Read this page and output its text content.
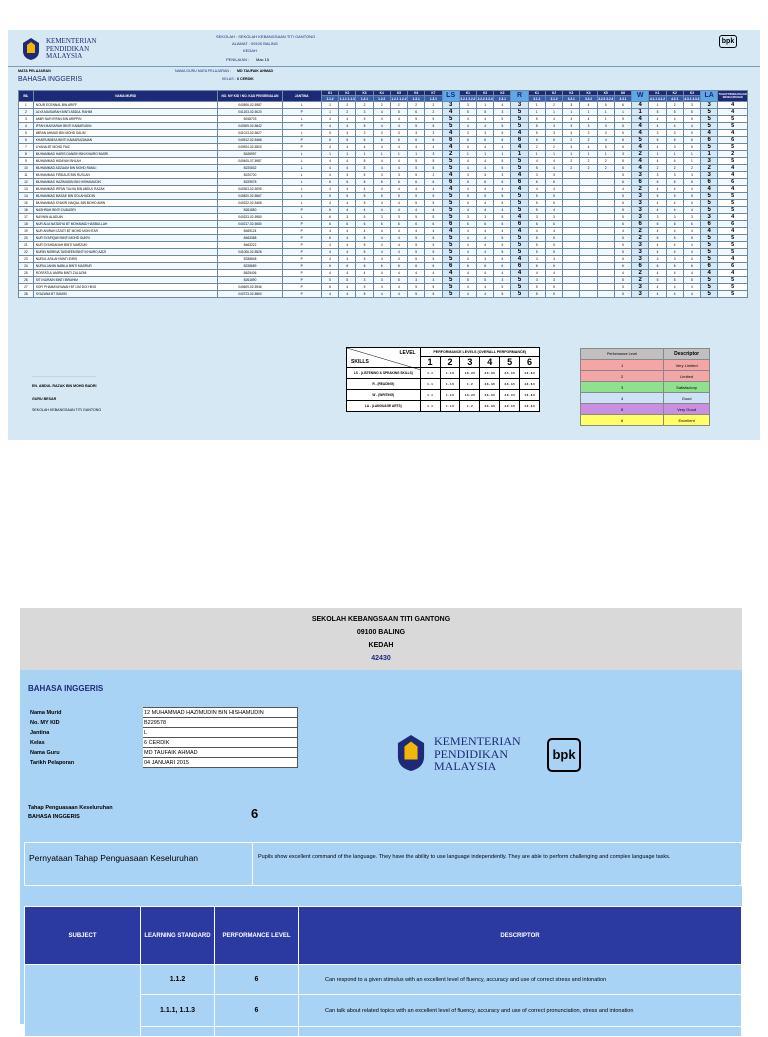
KEMENTERIAN
PENDIDIKAN
MALAYSIA
SEKOLAH : SEKOLAH KEBANGSAAN TITI GANTONG
ALAMAT : 09100 BALING
KEDAH
PENILAIAN : Mac 15
bpk
MATA PELAJARAN
BAHASA INGGERIS
NAMA GURU MATA PELAJARAN : MD TAUFAIK AHMAD
KELAS : 6 CERDIK
BIL	NAMA MURID	NO. MY KID / NO. KAD PENGENALAN	JANTINA	K1	K2	K3	K4	K5	K6	K7	LS	K1	K2	K3	R	K1	K2	K3	K4	K5	K6	W	K1	K2	K3	LA	TAHAP PENGUASAAN KESELURUHAN
				1.1.2	1.1.1 1.1.3	1.2.1	1.2.2	1.2.1 1.2.2	1.3.1	1.3.1		2.2.1 2.2.2	2.2.2 2.2.4	2.3.1		3.1.1	3.1.2	3.2.1	3.2.2	3.2.3 3.2.4	3.3.1		4.1.1 4.1.2	4.2.1	4.3.1 4.3.2		
1	NOUR ECENNAL BIN ARIFF	040506-02-5987	L	1	2	2	2	2	2	2	3	3	1	4	3	1	2	3	4	5	6	4	1	2	3	3	4
2	ALYA MAISARAH BINTI ABDUL RAHIM	041203-02-5020	P	1	2	3	4	5	6	2	4	5	5	3	5	1	1	1	1	1	1	1	5	5	5	5	4
3	AMIR NUR IRFAN BIN ARIPPIN	B018703	L	4	4	5	4	4	5	5	5	4	4	5	5	5	4	3	4	1	5	4	4	4	5	5	5
4	IFFAH MAISARAH BINTI KAMARUDIN	040309-02-5842	P	4	4	5	4	4	5	5	5	4	4	5	5	5	3	3	3	3	5	4	4	4	4	5	5
5	IMRAN AHMAD BIN MOHD SALIM	041013-02-5627	L	5	3	3	3	3	3	3	4	3	3	5	4	5	3	3	3	3	5	4	3	3	5	4	4
6	KHAIRUNNISA BINTI KAMARUZAMAN	040512-02-5466	P	6	6	6	6	6	6	6	6	6	6	6	6	6	6	2	2	4	6	5	6	6	6	6	6
7	LIYANA BT MOHD FAIZ	040924-02-5500	P	4	4	4	4	4	4	4	4	4	4	4	4	2	2	3	4	5	6	4	4	3	5	5	5
8	MUHAMMAD HARIS DANISH BIN KHAIRO BASRI	B426997	L	1	1	1	1	1	1	3	2	1	1	1	1	1	1	1	1	1	3	2	1	1	1	1	2
9	MUHAMMAD HIDAYAH BHLAH	040405-07-5987	L	4	4	5	4	4	5	5	5	4	4	5	5	4	4	2	2	2	5	4	4	4	1	3	5
10	MUHAMMAD ADZAAM BIN MOHD RAMLI	B220832	L	4	4	5	4	4	5	5	5	4	4	5	5	5	4	2	2	2	5	4	2	2	2	2	4
11	MUHAMMAD FIRDAUS BIN RUSLAN	B220700	L	4	3	5	3	3	5	2	4	3	3	3	4	3	3				5	3	3	3	3	3	4
12	MUHAMMAD HAZIMUDIN BIN HISHAMUDIN	B229578	L	6	6	6	6	6	6	6	6	6	6	6	6	6	6				6	6	6	6	6	6	6
13	MUHAMMAD IRFAN TALHA BIN ABDUL RAZAK	040303-02-5095	L	4	4	4	4	4	4	4	4	4	4	4	4	4	4				4	2	4	4	4	4	4
14	MUHAMMAD MASAE BIN SOLAHUDDIN	040820-02-5667	L	5	5	5	5	5	5	5	5	5	5	5	5	5	5				5	3	5	5	5	5	5
15	MUHAMMAD SYAKIR HAIQAL BIN MOHD AMIN	040222-02-5465	L	4	4	5	4	4	5	5	5	4	4	5	5	5	5				5	3	4	4	4	5	5
16	NASHRAH BINTI DUDASRI	B261850	P	6	4	4	4	4	4	4	5	4	4	4	5	5	4				5	3	4	4	4	5	5
17	NAYWIN ALADUIN	040323-02-5980	L	6	3	5	3	3	5	5	5	3	3	5	4	3	3				5	3	3	3	3	3	4
18	NUR ALIA NATASYA BT MOHAMAD HASBULLAH	040217-02-5080	P	6	6	6	6	6	6	6	6	6	6	6	6	6	6				6	6	6	6	6	6	6
19	NUR ANIRAH IZZATI BT MOHD MOKHTAR	B469124	P	4	4	4	4	4	4	4	4	4	4	4	4	4	4				4	2	4	4	4	4	4
20	NUR SYAFIQAH BINTI MOHD SUKRI	B463368	P	6	4	5	4	4	5	5	5	4	4	5	5	5	5				5	2	5	5	5	5	5
21	NUR SYAHDANAH BINTI MARZUKI	B463222	P	4	4	5	4	4	5	5	5	4	4	5	5	5	5				5	3	4	4	4	5	5
22	NURIN NISRINA TASNEEM BINTI KHAIRO AZIZI	041006-02-5526	P	4	4	5	4	4	5	5	5	4	4	5	5	5	5				5	3	4	4	4	5	5
23	NURUL ASILAH BINTI IDRIS	B338848	P	4	3	5	3	3	5	5	5	3	3	5	4	3	3				5	3	3	3	3	5	4
24	NURULJANIN NABILA BINTI MASRUR	B228689	P	6	6	6	6	6	6	6	6	6	6	6	6	6	6				6	6	6	6	6	6	6
25	ROSFATUL AMIRA BINTI ZULAZMI	B625406	P	4	4	4	4	4	4	4	4	4	4	4	4	4	4				4	2	4	4	4	4	4
26	SITI NURAIN BINTI IBRAHIM	B261890	P	5	5	3	3	5	3	3	5	5	5	3	5	3	3				5	2	5	5	5	5	5
27	SOFI PHAMAYAYANAH BT LIM DOI HING	040609-02-5946	P	6	4	5	4	4	5	5	5	4	4	5	5	5	5				5	3	4	4	4	5	5
28	SYAZANA BT SAMISI	040723-02-5660	P	4	4	5	4	4	5	5	5	4	4	5	5	5	5				5	3	4	4	4	5	5
LEVEL
SKILLS	PERFORMANCE LEVELS (OVERALL PERFORMANCE)					
	1	2	3	4	5	6
LS - (LISTENING & SPEAKING SKILLS)	1 - 1	1 - 1.5	1.6 - 2.5	2.5 - 3.5	3.5 - 4.5	4.6 - 6.0
R - (READING)	1 - 1	1 - 1.5	1 - 2	2.6 - 3.5	3.6 - 4.5	4.6 - 6.0
W - (WRITING)	1 - 1	1 - 1.5	1.6 - 2.5	2.6 - 3.5	3.6 - 4.5	4.6 - 6.0
LA - (LANGUAGE ARTS)	1 - 1	1 - 1.5	1 - 2	2.6 - 3.5	3.6 - 4.5	4.6 - 6.0
Performance Level	Descriptor
1	Very Limited
2	Limited
3	Satisfactory
4	Good
5	Very Good
6	Excellent
................................................................
EN. ABDUL RAZAK BIN MOHD BADRI
GURU BESAR
SEKOLAH KEBANGSAAN TITI GANTONG
SEKOLAH KEBANGSAAN TITI GANTONG
09100 BALING
KEDAH
42430
BAHASA INGGERIS
Nama Murid	12 MUHAMMAD HAZIMUDIN BIN HISHAMUDIN
No. MY KID	B229578
Jantina	L
Kelas	6 CERDIK
Nama Guru	MD TAUFAIK AHMAD
Tarikh Pelaporan	04 JANUARI 2015
KEMENTERIAN
PENDIDIKAN
MALAYSIA
bpk
Tahap Penguasaan Keseluruhan
BAHASA INGGERIS	6
Pernyataan Tahap Penguasaan Keseluruhan	Pupils show excellent command of the language. They have the ability to use language independently. They are able to perform challenging and complex language tasks.
SUBJECT	LEARNING STANDARD	PERFORMANCE LEVEL	DESCRIPTOR
	1.1.2	6	Can respond to a given stimulus with an excellent level of fluency, accuracy and use of correct stress and intonation
	1.1.1, 1.1.3	6	Can talk about related topics with an excellent level of fluency, accuracy and use of correct pronunciation, stress and intonation
